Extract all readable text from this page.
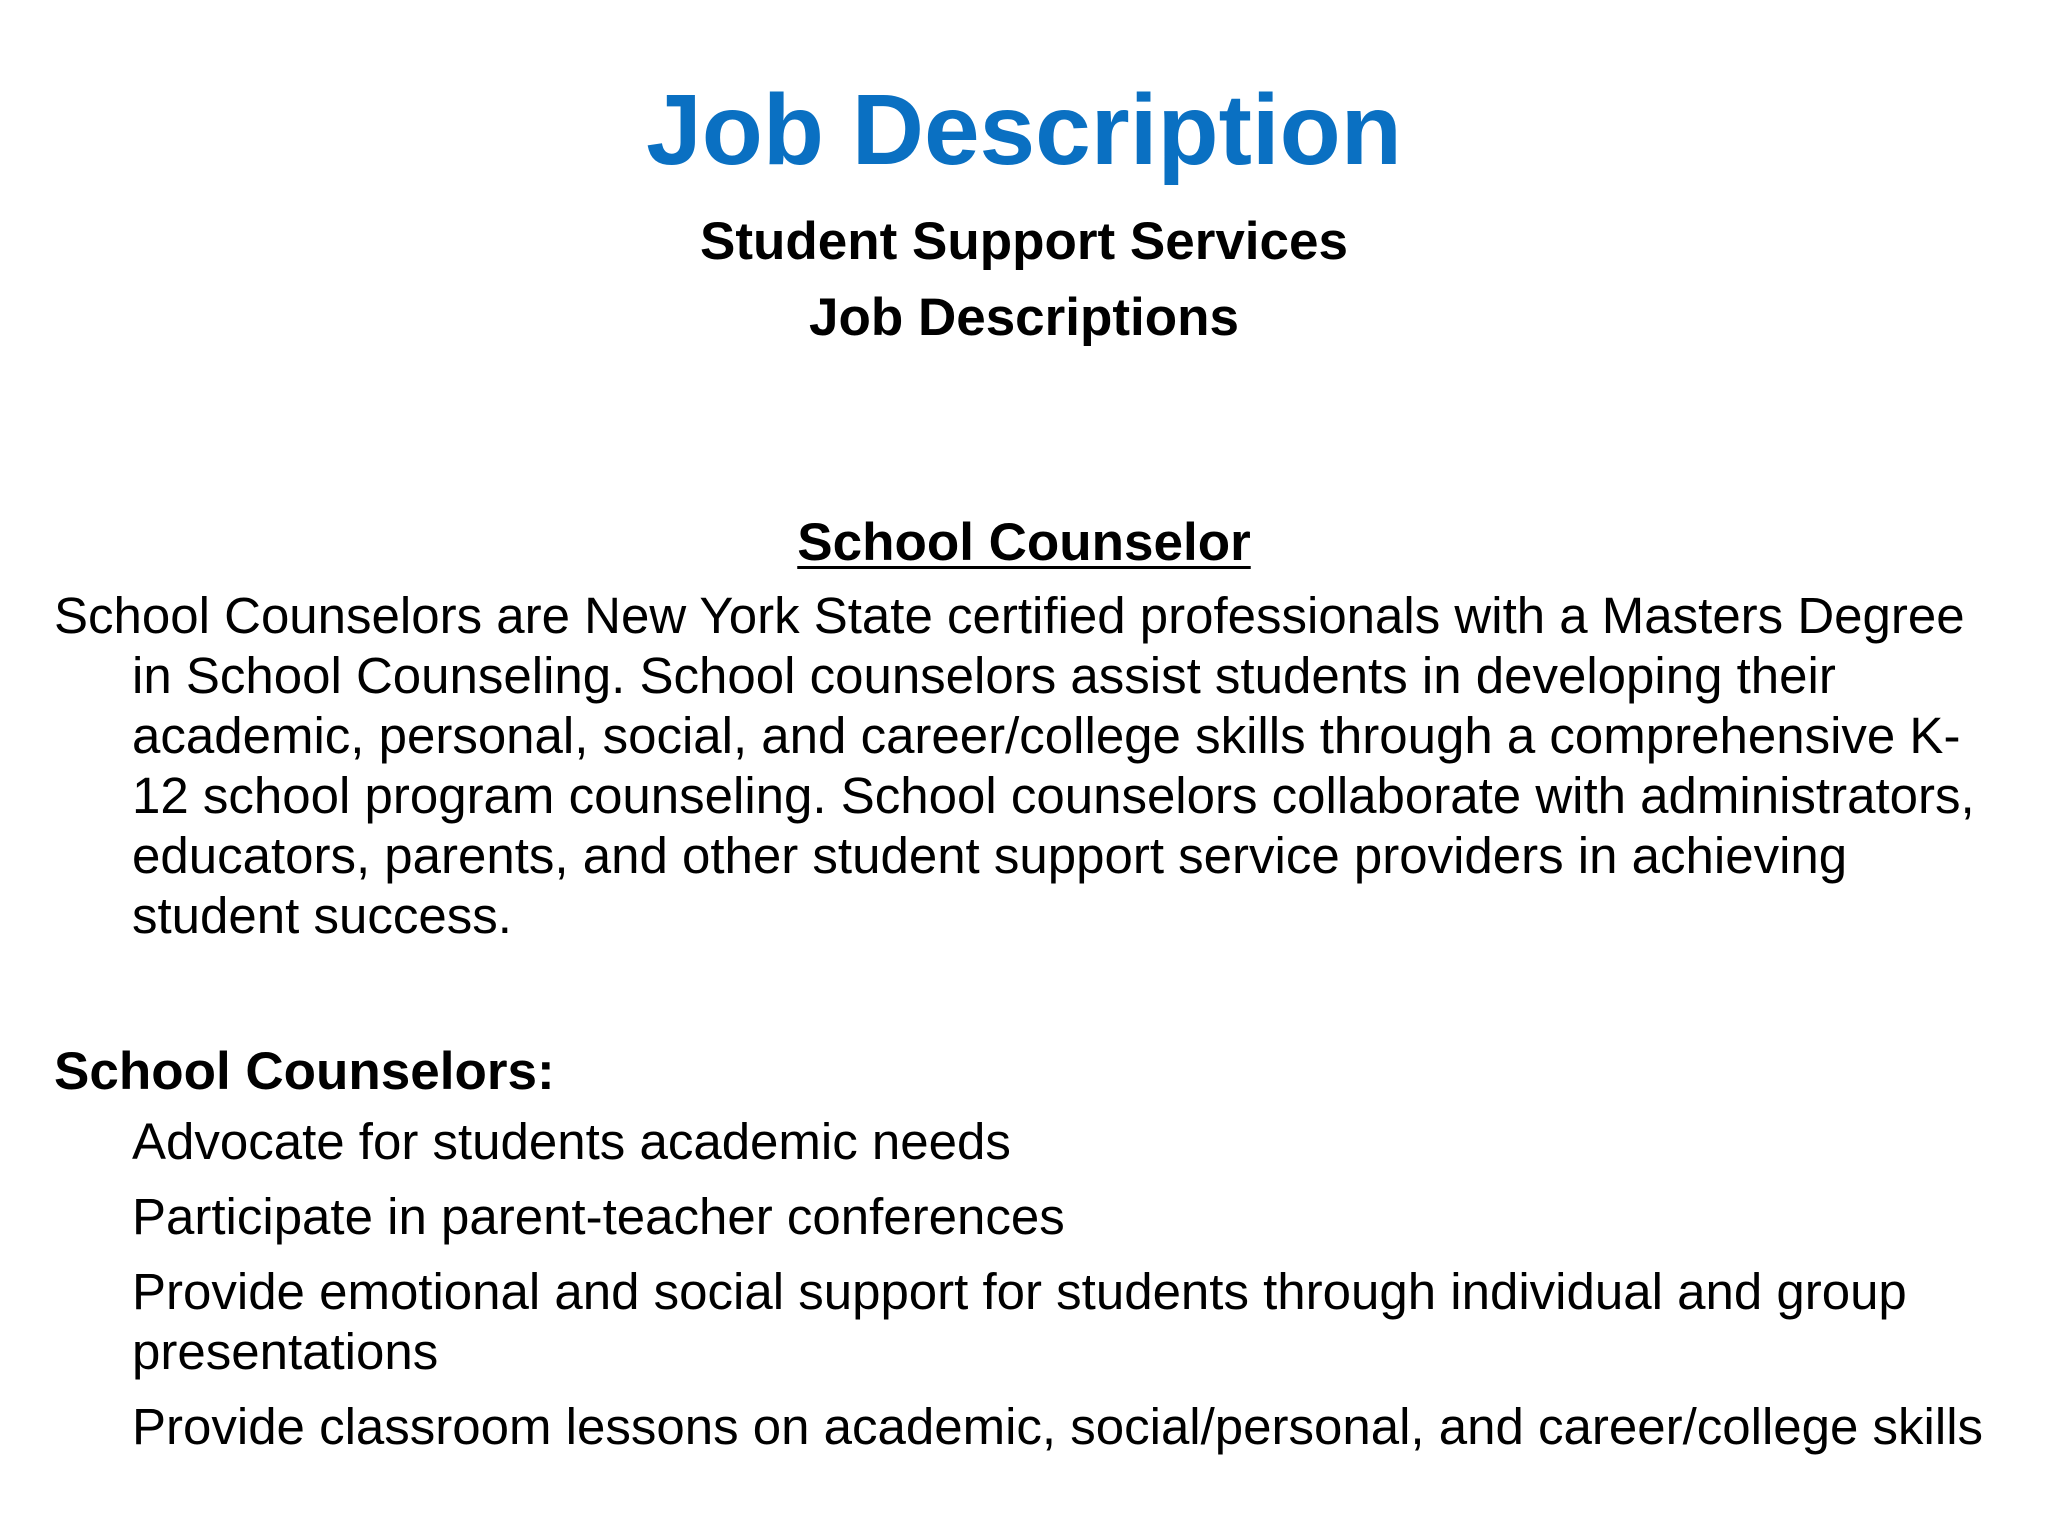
Job Description
Student Support Services
Job Descriptions
School Counselor
School Counselors are New York State certified professionals with a Masters Degree in School Counseling. School counselors assist students in developing their academic, personal, social, and career/college skills through a comprehensive K-12 school program counseling. School counselors collaborate with administrators, educators, parents, and other student support service providers in achieving student success.
School Counselors:
Advocate for students academic needs
Participate in parent-teacher conferences
Provide emotional and social support for students through individual and group presentations
Provide classroom lessons on academic, social/personal, and career/college skills
